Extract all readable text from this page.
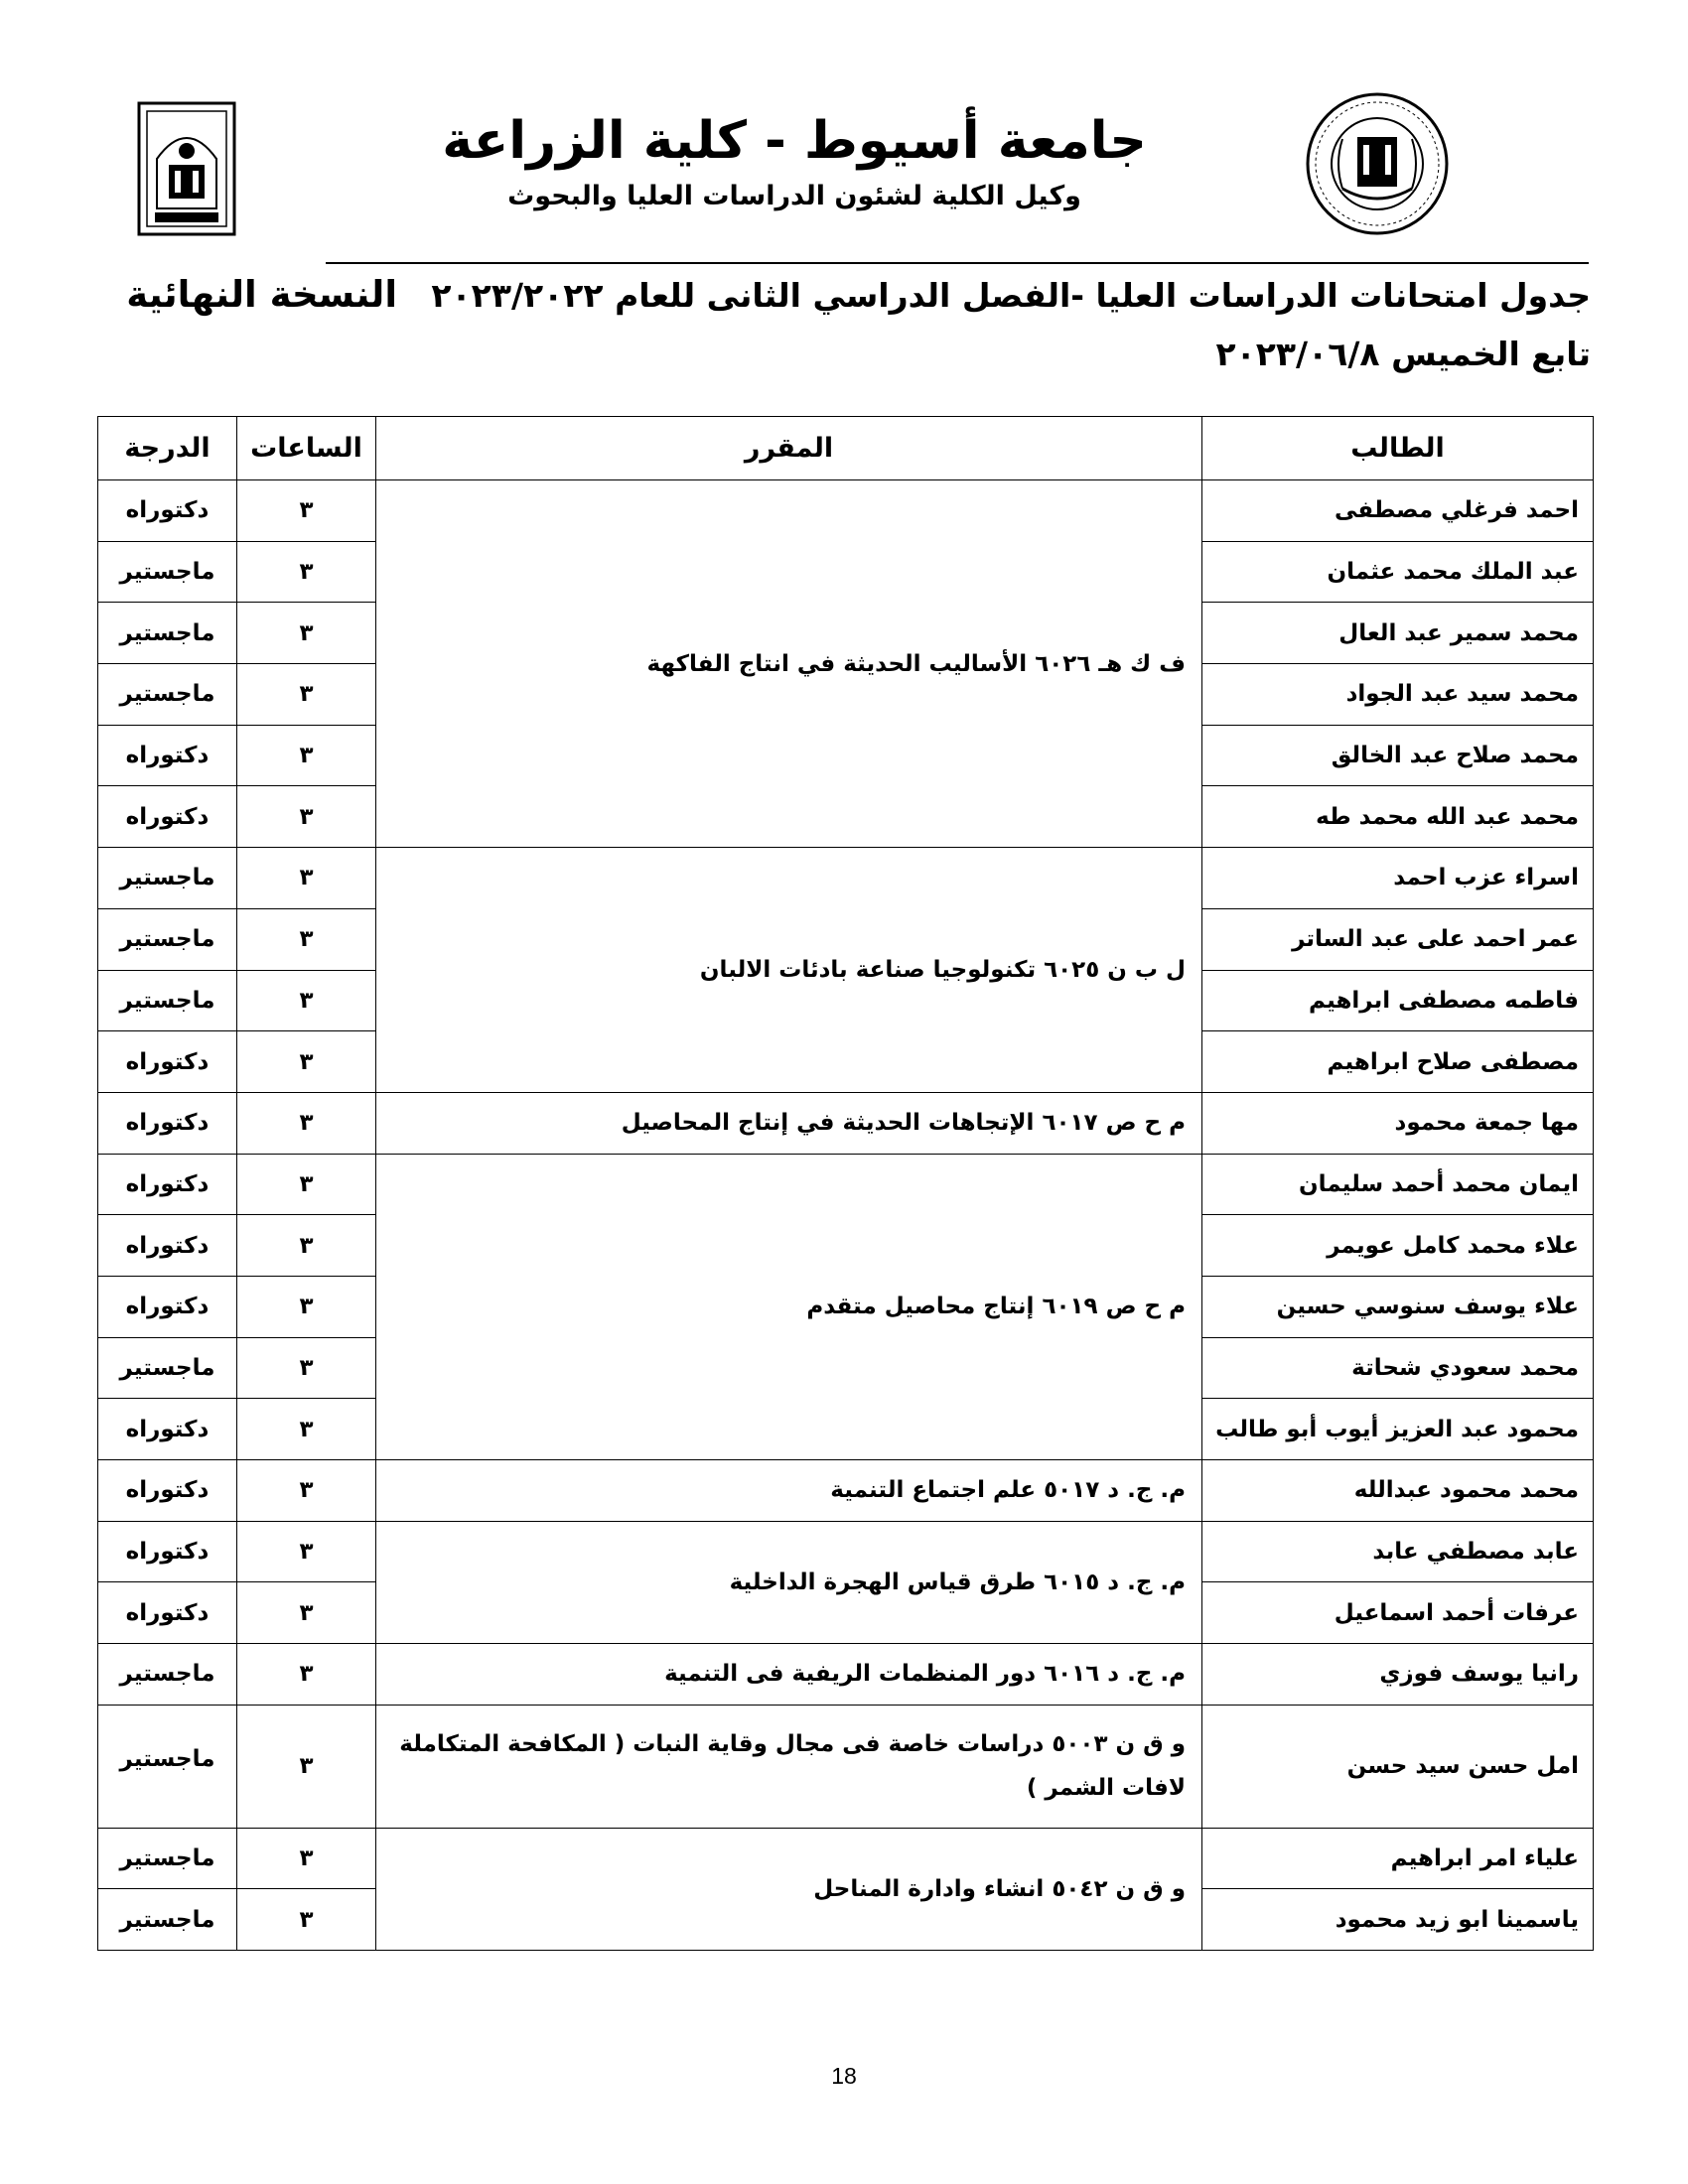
جامعة أسيوط - كلية الزراعة
وكيل الكلية لشئون الدراسات العليا والبحوث
جدول امتحانات الدراسات العليا -الفصل الدراسي الثانى للعام ٢٠٢٣/٢٠٢٢
النسخة النهائية
تابع الخميس ٢٠٢٣/٠٦/٨
الطالب	المقرر	الساعات	الدرجة
احمد فرغلي مصطفى	ف ك هـ ٦٠٢٦ الأساليب الحديثة في انتاج الفاكهة	٣	دكتوراه
عبد الملك محمد عثمان		٣	ماجستير
محمد سمير عبد العال		٣	ماجستير
محمد سيد عبد الجواد		٣	ماجستير
محمد صلاح عبد الخالق		٣	دكتوراه
محمد عبد الله محمد طه		٣	دكتوراه
اسراء عزب احمد	ل ب ن ٦٠٢٥ تكنولوجيا صناعة بادئات الالبان	٣	ماجستير
عمر احمد على عبد الساتر		٣	ماجستير
فاطمه مصطفى ابراهيم		٣	ماجستير
مصطفى صلاح ابراهيم		٣	دكتوراه
مها جمعة محمود	م ح ص ٦٠١٧ الإتجاهات الحديثة في إنتاج المحاصيل	٣	دكتوراه
ايمان محمد أحمد سليمان	م ح ص ٦٠١٩ إنتاج محاصيل متقدم	٣	دكتوراه
علاء محمد كامل عويمر		٣	دكتوراه
علاء يوسف سنوسي حسين		٣	دكتوراه
محمد سعودي شحاتة		٣	ماجستير
محمود عبد العزيز أيوب أبو طالب		٣	دكتوراه
محمد محمود عبدالله	م. ج. د ٥٠١٧ علم اجتماع التنمية	٣	دكتوراه
عابد مصطفي عابد	م. ج. د ٦٠١٥ طرق قياس الهجرة الداخلية	٣	دكتوراه
عرفات أحمد اسماعيل		٣	دكتوراه
رانيا يوسف فوزي	م. ج. د ٦٠١٦ دور المنظمات الريفية فى التنمية	٣	ماجستير
امل حسن سيد حسن	و ق ن ٥٠٠٣ دراسات خاصة فى مجال وقاية النبات ( المكافحة المتكاملة لافات الشمر )	٣	ماجستير
علياء امر ابراهيم	و ق ن ٥٠٤٢ انشاء وادارة المناحل	٣	ماجستير
ياسمينا ابو زيد محمود		٣	ماجستير
18
